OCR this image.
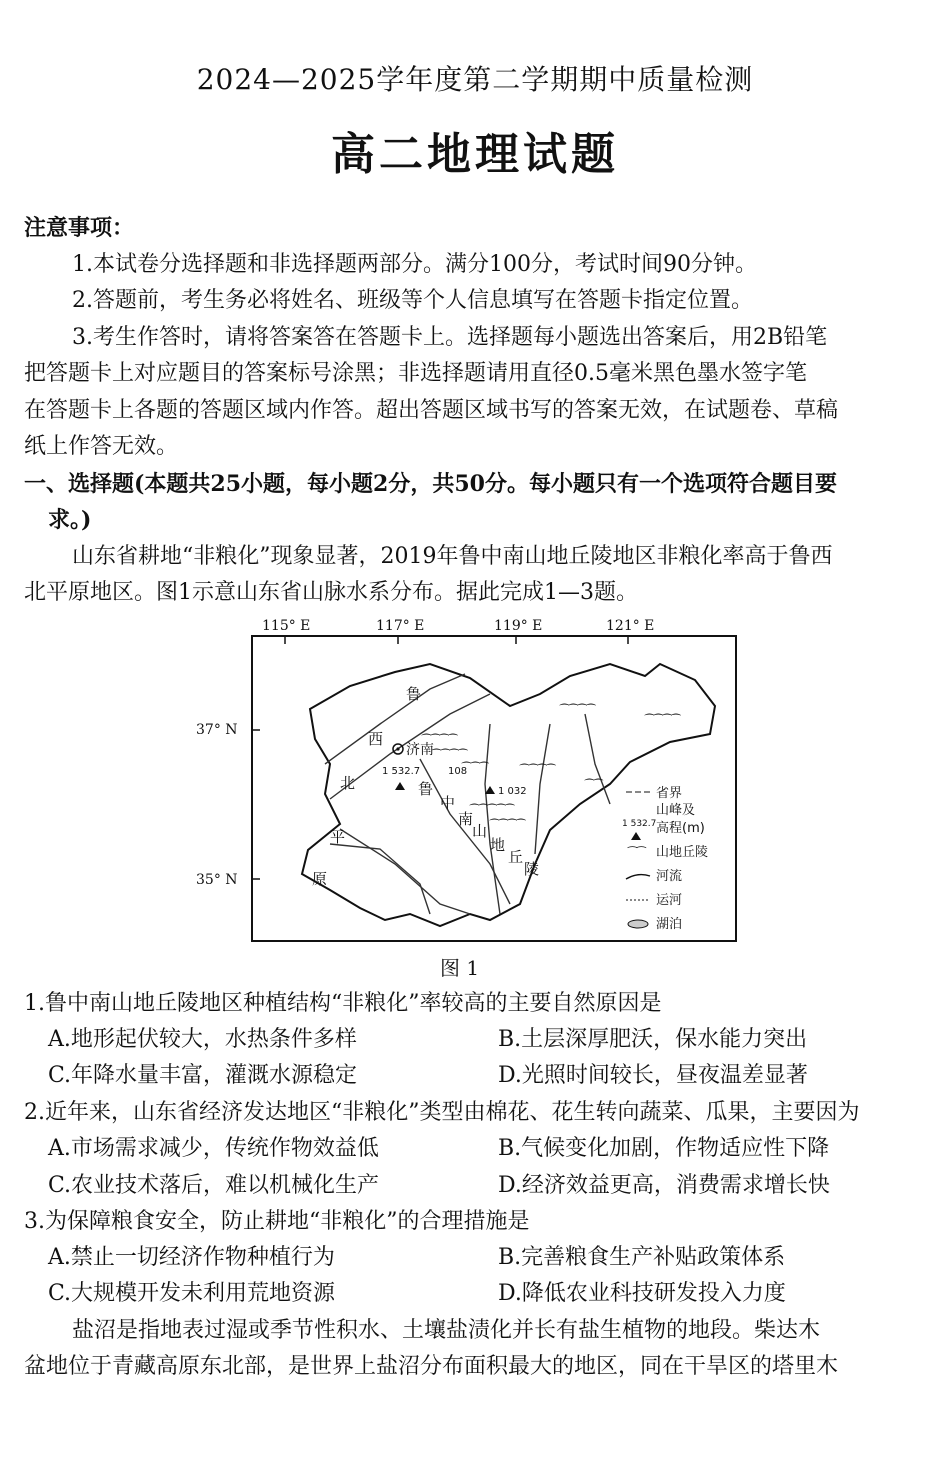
2024—2025学年度第二学期期中质量检测
高二地理试题
注意事项：
1.本试卷分选择题和非选择题两部分。满分100分，考试时间90分钟。
2.答题前，考生务必将姓名、班级等个人信息填写在答题卡指定位置。
3.考生作答时，请将答案答在答题卡上。选择题每小题选出答案后，用2B铅笔
把答题卡上对应题目的答案标号涂黑；非选择题请用直径0.5毫米黑色墨水签字笔
在答题卡上各题的答题区域内作答。超出答题区域书写的答案无效，在试题卷、草稿
纸上作答无效。
一、选择题(本题共25小题，每小题2分，共50分。每小题只有一个选项符合题目要
求。)
山东省耕地“非粮化”现象显著，2019年鲁中南山地丘陵地区非粮化率高于鲁西
北平原地区。图1示意山东省山脉水系分布。据此完成1—3题。
115° E	117° E	119° E	121° E
37° N
35° N
⁀⁀⁀⁀
⁀⁀⁀⁀
⁀⁀⁀⁀⁀
⁀⁀⁀⁀
⁀⁀⁀⁀
⁀⁀⁀⁀
⁀⁀⁀⁀
⁀⁀
⁀⁀⁀
济南
1 532.7	108
1 032
鲁
西
北
平
原
鲁
中
南
山
地
丘
陵
省界
1 532.7
山峰及
高程(m)
⁀⁀ 山地丘陵
河流
运河
湖泊
图 1
1.鲁中南山地丘陵地区种植结构“非粮化”率较高的主要自然原因是
A.地形起伏较大，水热条件多样	B.土层深厚肥沃，保水能力突出
C.年降水量丰富，灌溉水源稳定	D.光照时间较长，昼夜温差显著
2.近年来，山东省经济发达地区“非粮化”类型由棉花、花生转向蔬菜、瓜果，主要因为
A.市场需求减少，传统作物效益低	B.气候变化加剧，作物适应性下降
C.农业技术落后，难以机械化生产	D.经济效益更高，消费需求增长快
3.为保障粮食安全，防止耕地“非粮化”的合理措施是
A.禁止一切经济作物种植行为	B.完善粮食生产补贴政策体系
C.大规模开发未利用荒地资源	D.降低农业科技研发投入力度
盐沼是指地表过湿或季节性积水、土壤盐渍化并长有盐生植物的地段。柴达木
盆地位于青藏高原东北部，是世界上盐沼分布面积最大的地区，同在干旱区的塔里木
